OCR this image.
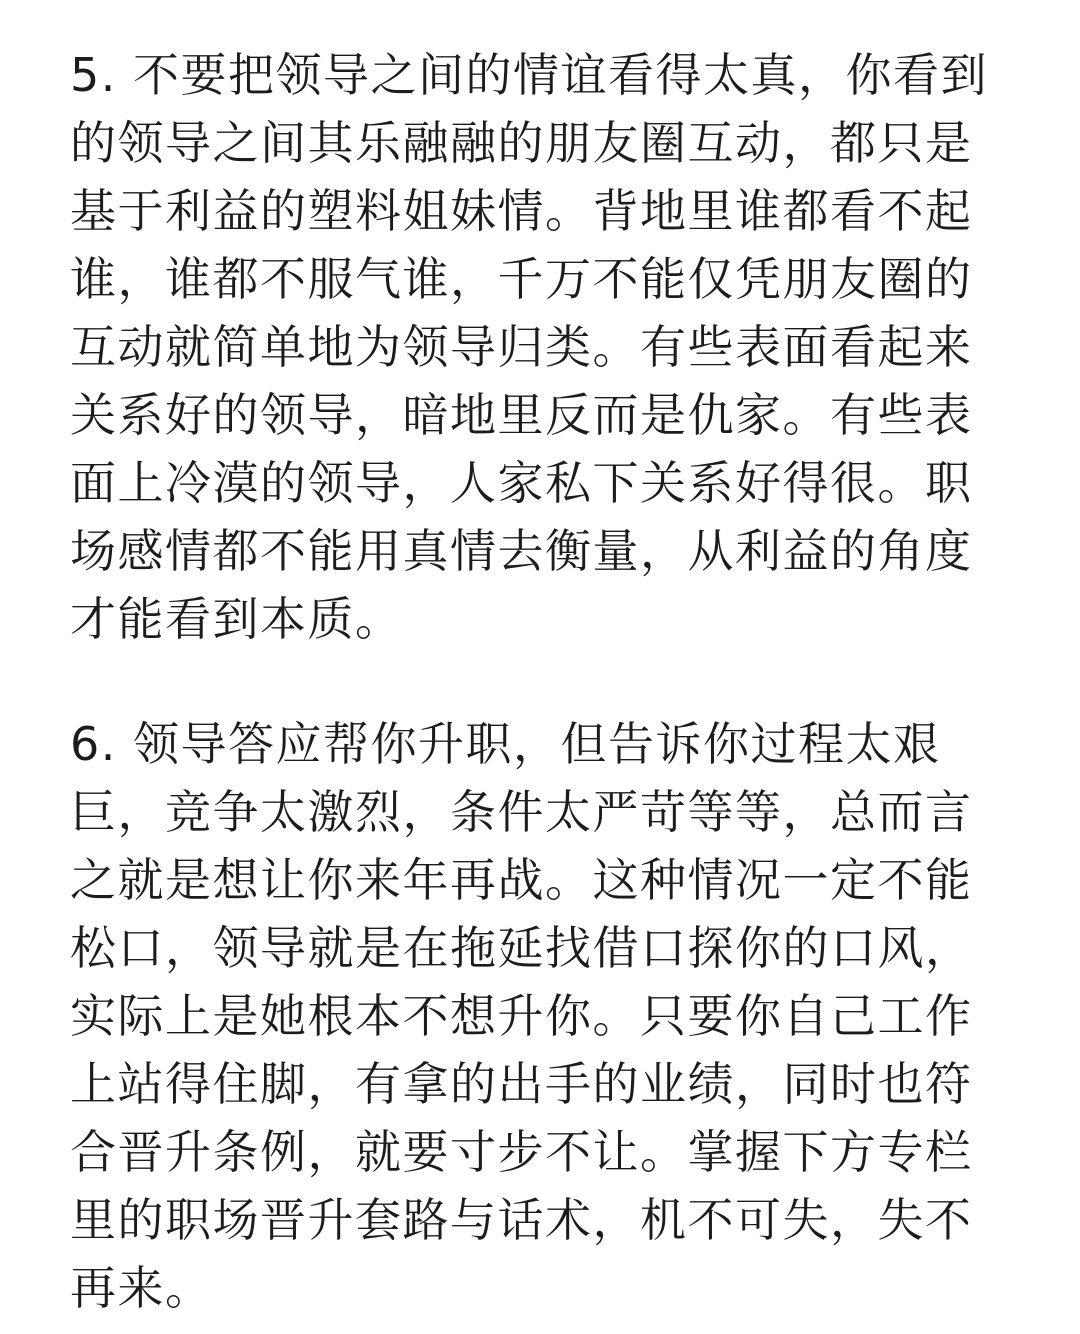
5. 不要把领导之间的情谊看得太真，你看到
的领导之间其乐融融的朋友圈互动，都只是
基于利益的塑料姐妹情。背地里谁都看不起
谁，谁都不服气谁，千万不能仅凭朋友圈的
互动就简单地为领导归类。有些表面看起来
关系好的领导，暗地里反而是仇家。有些表
面上冷漠的领导，人家私下关系好得很。职
场感情都不能用真情去衡量，从利益的角度
才能看到本质。
6. 领导答应帮你升职，但告诉你过程太艰
巨，竞争太激烈，条件太严苛等等，总而言
之就是想让你来年再战。这种情况一定不能
松口，领导就是在拖延找借口探你的口风，
实际上是她根本不想升你。只要你自己工作
上站得住脚，有拿的出手的业绩，同时也符
合晋升条例，就要寸步不让。掌握下方专栏
里的职场晋升套路与话术，机不可失，失不
再来。
